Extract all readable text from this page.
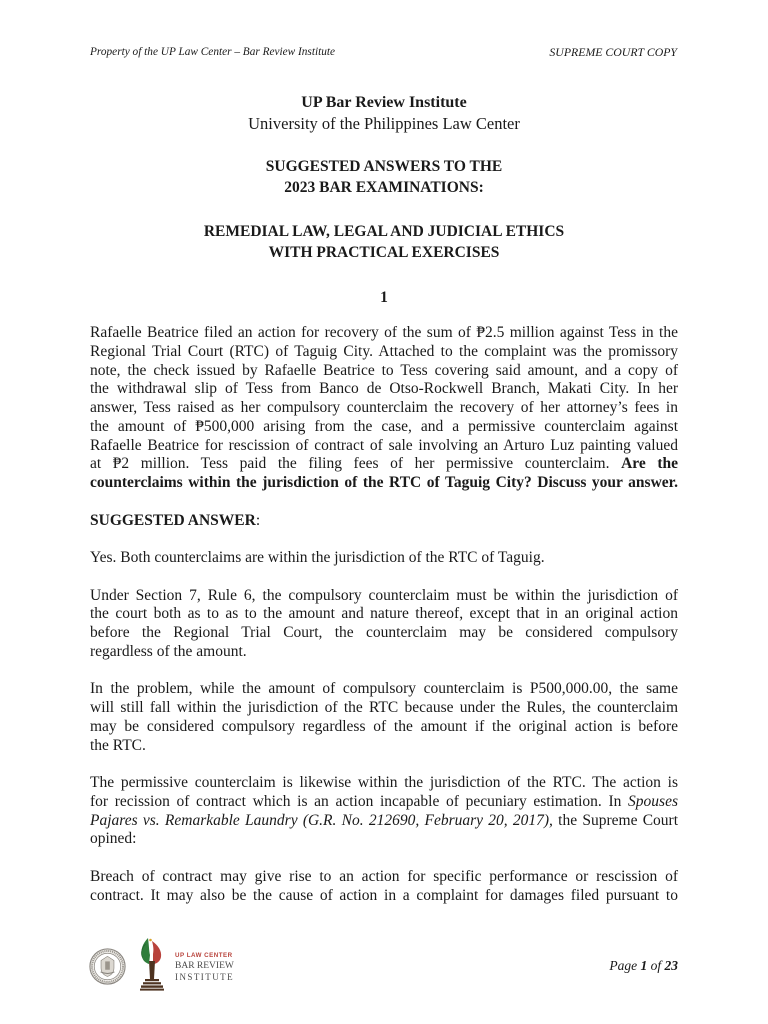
Property of the UP Law Center – Bar Review Institute	SUPREME COURT COPY
UP Bar Review Institute
University of the Philippines Law Center
SUGGESTED ANSWERS TO THE
2023 BAR EXAMINATIONS:
REMEDIAL LAW, LEGAL AND JUDICIAL ETHICS
WITH PRACTICAL EXERCISES
1
Rafaelle Beatrice filed an action for recovery of the sum of ₱2.5 million against Tess in the
Regional Trial Court (RTC) of Taguig City. Attached to the complaint was the promissory
note, the check issued by Rafaelle Beatrice to Tess covering said amount, and a copy of
the withdrawal slip of Tess from Banco de Otso-Rockwell Branch, Makati City. In her
answer, Tess raised as her compulsory counterclaim the recovery of her attorney’s fees in
the amount of ₱500,000 arising from the case, and a permissive counterclaim against
Rafaelle Beatrice for rescission of contract of sale involving an Arturo Luz painting valued
at ₱2 million. Tess paid the filing fees of her permissive counterclaim. Are the
counterclaims within the jurisdiction of the RTC of Taguig City? Discuss your answer.
SUGGESTED ANSWER:
Yes. Both counterclaims are within the jurisdiction of the RTC of Taguig.
Under Section 7, Rule 6, the compulsory counterclaim must be within the jurisdiction of
the court both as to as to the amount and nature thereof, except that in an original action
before the Regional Trial Court, the counterclaim may be considered compulsory
regardless of the amount.
In the problem, while the amount of compulsory counterclaim is P500,000.00, the same
will still fall within the jurisdiction of the RTC because under the Rules, the counterclaim
may be considered compulsory regardless of the amount if the original action is before
the RTC.
The permissive counterclaim is likewise within the jurisdiction of the RTC. The action is
for recission of contract which is an action incapable of pecuniary estimation. In Spouses
Pajares vs. Remarkable Laundry (G.R. No. 212690, February 20, 2017), the Supreme Court
opined:
Breach of contract may give rise to an action for specific performance or rescission of
contract. It may also be the cause of action in a complaint for damages filed pursuant to
UP LAW CENTER
BAR REVIEW
INSTITUTE
Page 1 of 23
